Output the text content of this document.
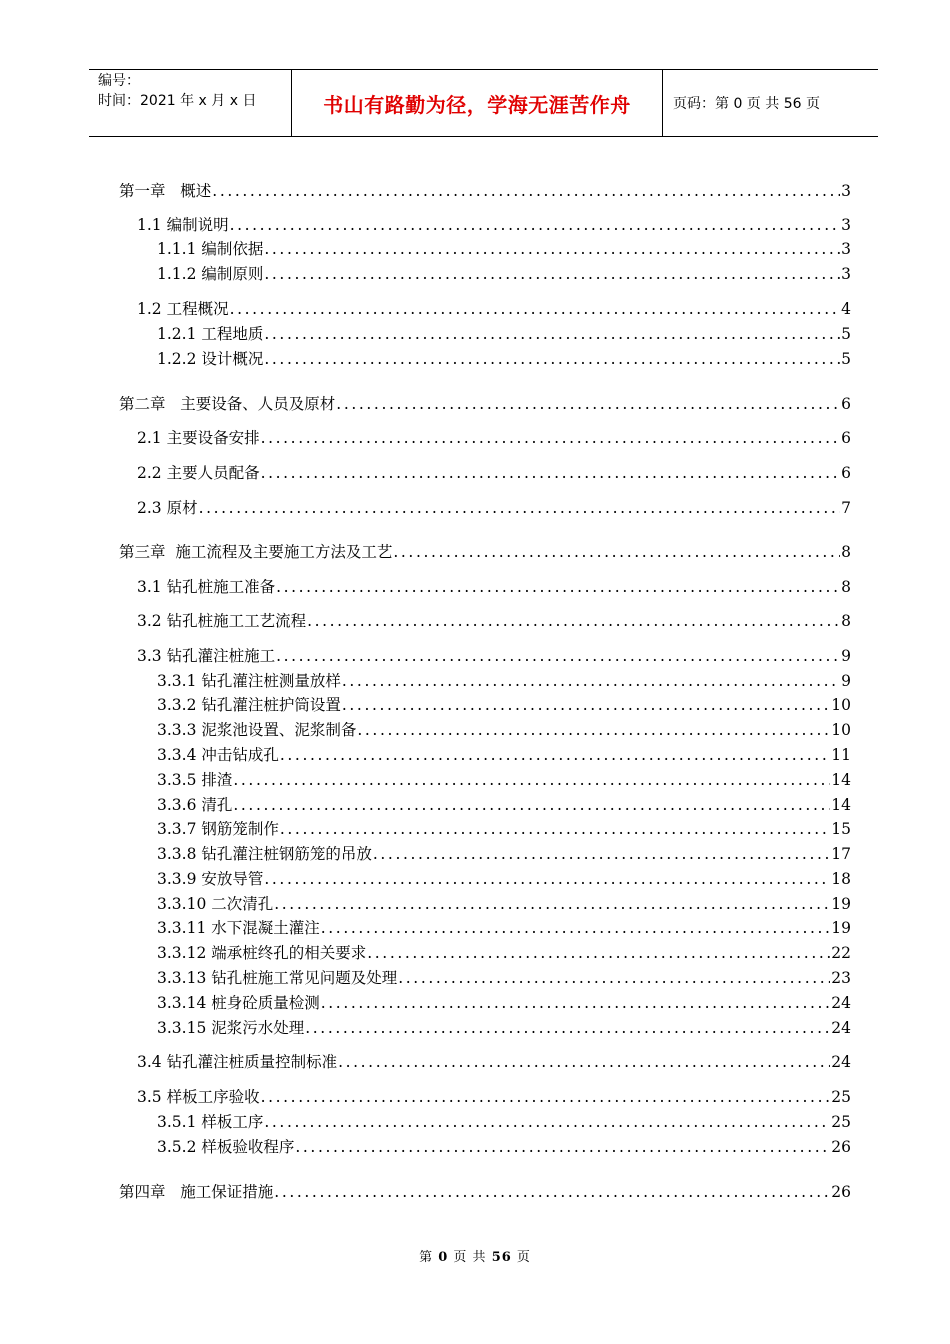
编号：
时间：2021 年 x 月 x 日	书山有路勤为径，学海无涯苦作舟	页码：第 0 页 共 56 页
第一章   概述 .....	3
1.1 编制说明 .....	3
1.1.1 编制依据 .....	3
1.1.2 编制原则 .....	3
1.2 工程概况 .....	4
1.2.1 工程地质 .....	5
1.2.2 设计概况 .....	5
第二章   主要设备、人员及原材 .....	6
2.1 主要设备安排 .....	6
2.2 主要人员配备 .....	6
2.3 原材 .....	7
第三章  施工流程及主要施工方法及工艺 .....	8
3.1 钻孔桩施工准备 .....	8
3.2 钻孔桩施工工艺流程 .....	8
3.3 钻孔灌注桩施工 .....	9
3.3.1 钻孔灌注桩测量放样 .....	9
3.3.2 钻孔灌注桩护筒设置 .....	10
3.3.3 泥浆池设置、泥浆制备 .....	10
3.3.4 冲击钻成孔 .....	11
3.3.5 排渣 .....	14
3.3.6 清孔 .....	14
3.3.7 钢筋笼制作 .....	15
3.3.8 钻孔灌注桩钢筋笼的吊放 .....	17
3.3.9 安放导管 .....	18
3.3.10 二次清孔 .....	19
3.3.11 水下混凝土灌注 .....	19
3.3.12 端承桩终孔的相关要求 .....	22
3.3.13 钻孔桩施工常见问题及处理 .....	23
3.3.14 桩身砼质量检测 .....	24
3.3.15 泥浆污水处理 .....	24
3.4 钻孔灌注桩质量控制标准 .....	24
3.5 样板工序验收 .....	25
3.5.1 样板工序 .....	25
3.5.2 样板验收程序 .....	26
第四章   施工保证措施 .....	26
第 0 页 共 56 页
